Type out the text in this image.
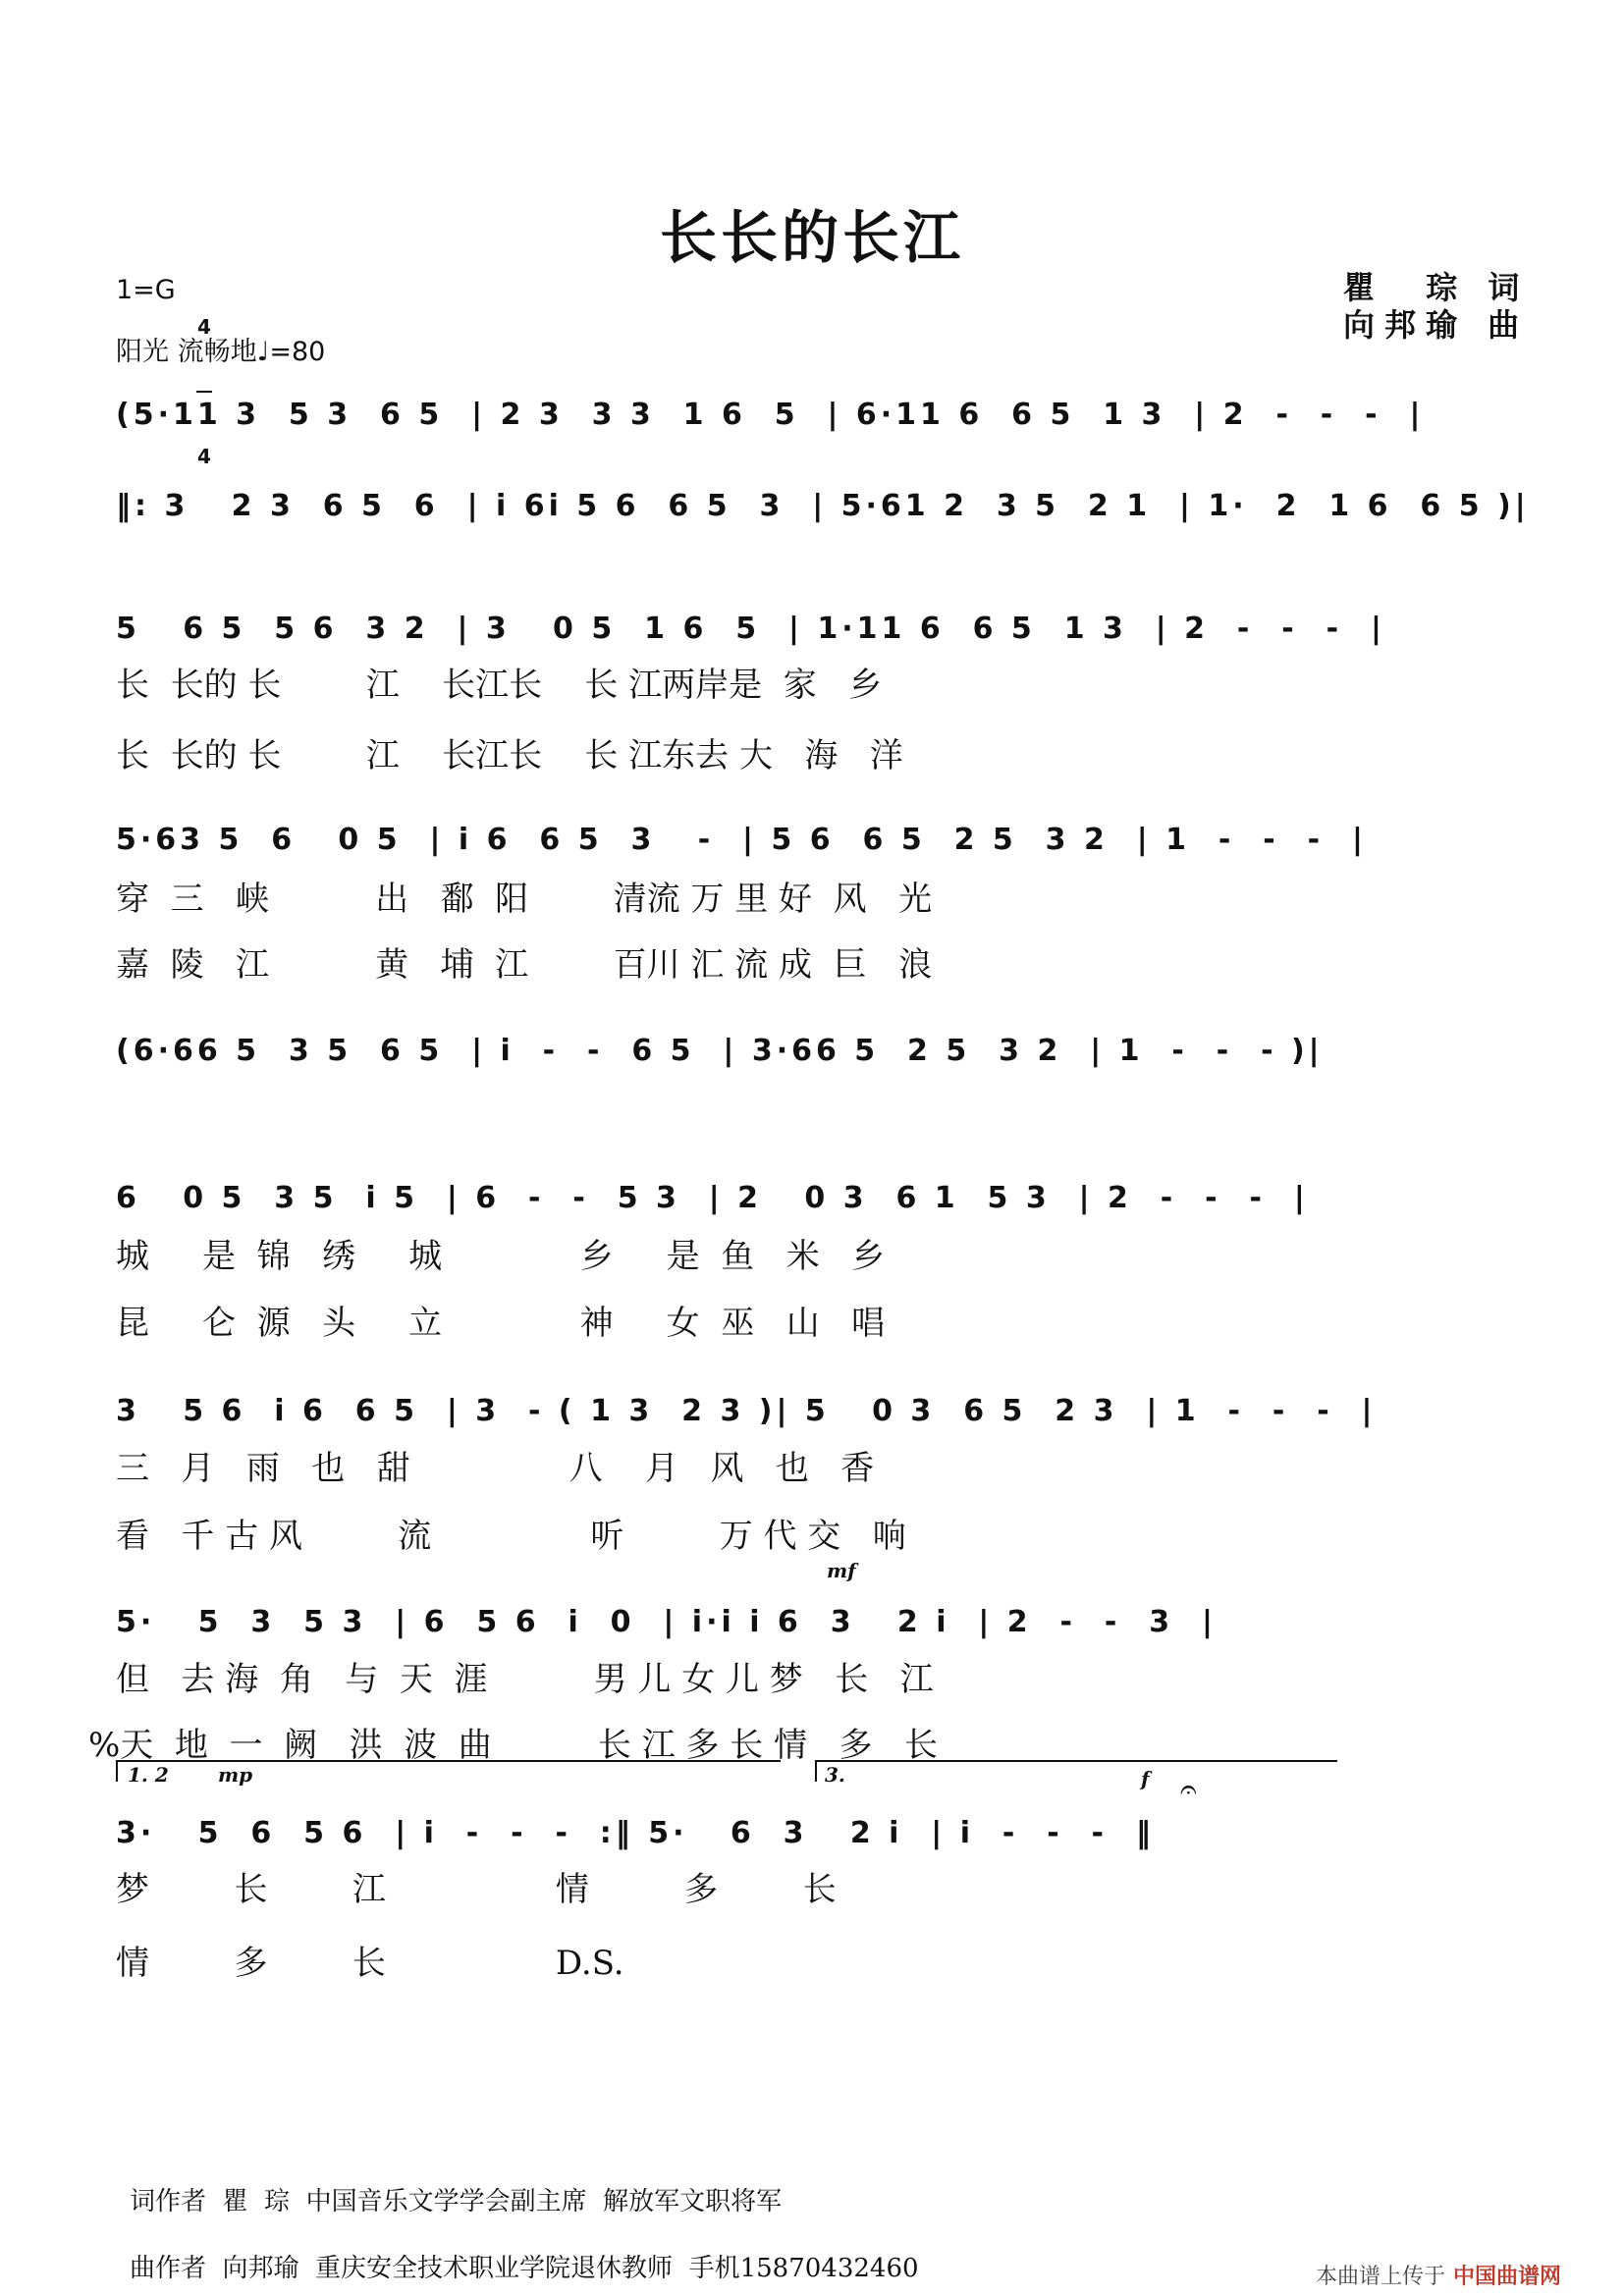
长长的长江
1=G

4

4

阳光 流畅地♩=80
瞿  琮 词
向邦瑜 曲
(5·11 3  5 3  6 5  | 2 3  3 3  1 6  5  | 6·11 6  6 5  1 3  | 2  -  -  -  |
‖: 3   2 3  6 5  6  | i 6i 5 6  6 5  3  | 5·61 2  3 5  2 1  | 1·  2  1 6  6 5 )|
5   6 5  5 6  3 2  | 3   0 5  1 6  5  | 1·11 6  6 5  1 3  | 2  -  -  -  |
长  长的 长        江    长江长    长 江两岸是  家   乡
长  长的 长        江    长江长    长 江东去 大   海   洋
5·63 5  6   0 5  | i 6  6 5  3   -  | 5 6  6 5  2 5  3 2  | 1  -  -  -  |
穿  三   峡          出   鄱  阳        清流 万 里 好  风   光
嘉  陵   江          黄   埔  江        百川 汇 流 成  巨   浪
(6·66 5  3 5  6 5  | i  -  -  6 5  | 3·66 5  2 5  3 2  | 1  -  -  - )|
6   0 5  3 5  i 5  | 6  -  -  5 3  | 2   0 3  6 1  5 3  | 2  -  -  -  |
城     是  锦   绣     城             乡     是  鱼   米   乡
昆     仑  源   头     立             神     女  巫   山   唱
3   5 6  i 6  6 5  | 3  - ( 1 3  2 3 )| 5   0 3  6 5  2 3  | 1  -  -  -  |
三   月   雨   也   甜               八    月   风   也   香
看   千 古 风         流               听         万 代 交   响
mf
5·   5  3  5 3  | 6  5 6  i  0  | i·i i 6  3   2 i  | 2  -  -  3  |
但   去 海  角   与  天  涯          男 儿 女 儿 梦   长   江
%天  地  一  阙   洪  波  曲          长 江 多 长 情   多   长
1. 2	mp	3.	f 𝄐
3·   5  6  5 6  | i  -  -  -  :‖ 5·   6  3   2 i  | i  -  -  -  ‖
梦        长        江                情         多        长
情        多        长                D.S.
词作者  瞿  琮  中国音乐文学学会副主席  解放军文职将军
曲作者  向邦瑜  重庆安全技术职业学院退休教师  手机15870432460	本曲谱上传于 中国曲谱网
